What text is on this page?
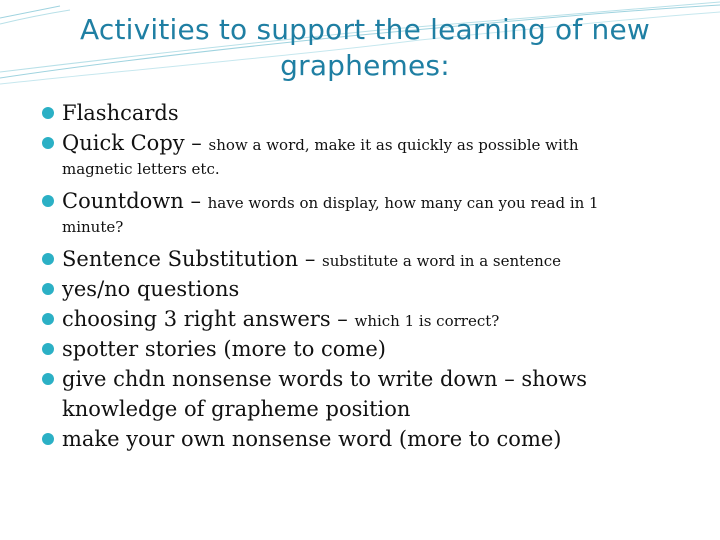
Activities to support the learning of new graphemes:
Flashcards
Quick Copy – show a word, make it as quickly as possible with
magnetic letters etc.
Countdown – have words on display, how many can you read in 1
minute?
Sentence Substitution – substitute a word in a sentence
yes/no questions
choosing 3 right answers – which 1 is correct?
spotter stories (more to come)
give chdn nonsense words to write down – shows knowledge of grapheme position
make your own nonsense word (more to come)
